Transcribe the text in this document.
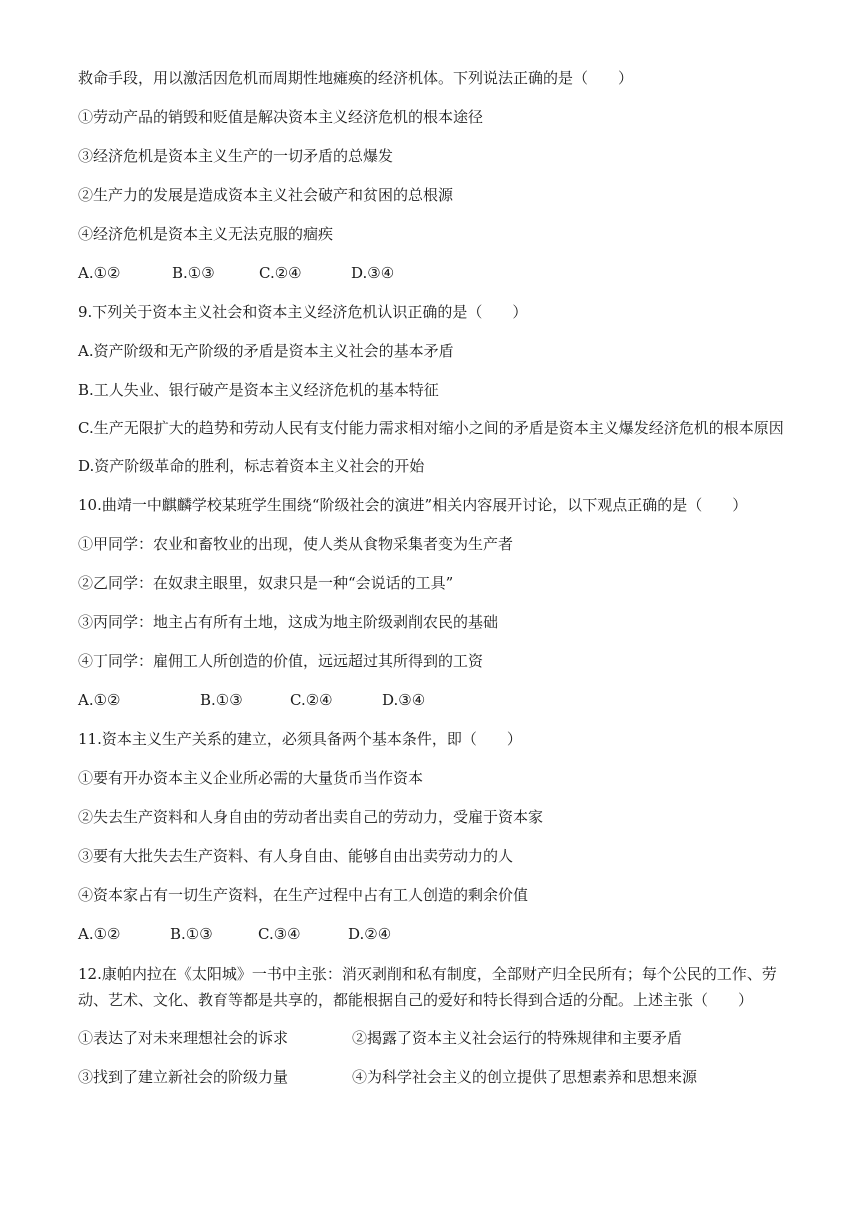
救命手段，用以激活因危机而周期性地瘫痪的经济机体。下列说法正确的是（　　）

①劳动产品的销毁和贬值是解决资本主义经济危机的根本途径

③经济危机是资本主义生产的一切矛盾的总爆发

②生产力的发展是造成资本主义社会破产和贫困的总根源

④经济危机是资本主义无法克服的痼疾

A.①②	B.①③	C.②④	D.③④

9.下列关于资本主义社会和资本主义经济危机认识正确的是（　　）

A.资产阶级和无产阶级的矛盾是资本主义社会的基本矛盾

B.工人失业、银行破产是资本主义经济危机的基本特征

C.生产无限扩大的趋势和劳动人民有支付能力需求相对缩小之间的矛盾是资本主义爆发经济危机的根本原因

D.资产阶级革命的胜利，标志着资本主义社会的开始

10.曲靖一中麒麟学校某班学生围绕“阶级社会的演进”相关内容展开讨论，以下观点正确的是（　　）

①甲同学：农业和畜牧业的出现，使人类从食物采集者变为生产者

②乙同学：在奴隶主眼里，奴隶只是一种“会说话的工具”

③丙同学：地主占有所有土地，这成为地主阶级剥削农民的基础

④丁同学：雇佣工人所创造的价值，远远超过其所得到的工资

A.①②	B.①③	C.②④	D.③④

11.资本主义生产关系的建立，必须具备两个基本条件，即（　　）

①要有开办资本主义企业所必需的大量货币当作资本

②失去生产资料和人身自由的劳动者出卖自己的劳动力，受雇于资本家

③要有大批失去生产资料、有人身自由、能够自由出卖劳动力的人

④资本家占有一切生产资料，在生产过程中占有工人创造的剩余价值

A.①②	B.①③	C.③④	D.②④

12.康帕内拉在《太阳城》一书中主张：消灭剥削和私有制度，全部财产归全民所有；每个公民的工作、劳动、艺术、文化、教育等都是共享的，都能根据自己的爱好和特长得到合适的分配。上述主张（　　）

①表达了对未来理想社会的诉求	②揭露了资本主义社会运行的特殊规律和主要矛盾
③找到了建立新社会的阶级力量	④为科学社会主义的创立提供了思想素养和思想来源
